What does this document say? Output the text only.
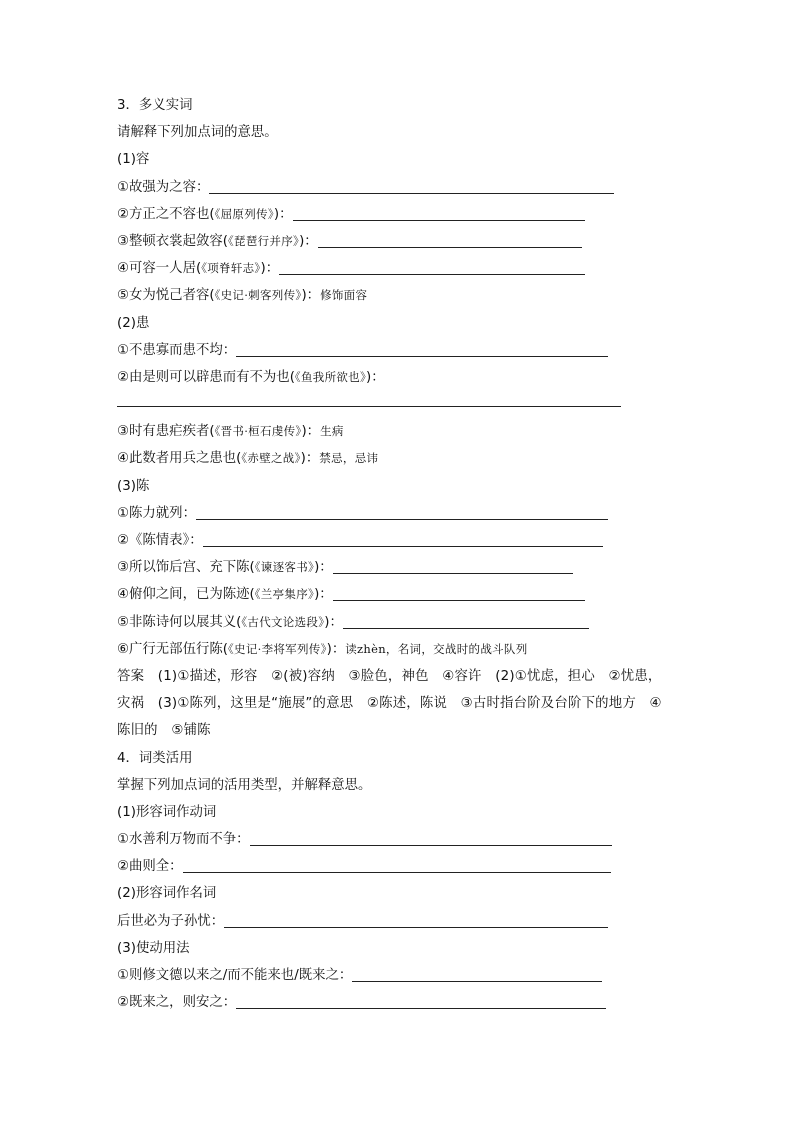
3．多义实词
请解释下列加点词的意思。
(1)容
①故强为之容：
②方正之不容也(《屈原列传》)：
③整顿衣裳起敛容(《琵琶行并序》)：
④可容一人居(《项脊轩志》)：
⑤女为悦己者容(《史记·刺客列传》)：修饰面容
(2)患
①不患寡而患不均：
②由是则可以辟患而有不为也(《鱼我所欲也》)：
③时有患疟疾者(《晋书·桓石虔传》)：生病
④此数者用兵之患也(《赤壁之战》)：禁忌，忌讳
(3)陈
①陈力就列：
②《陈情表》：
③所以饰后宫、充下陈(《谏逐客书》)：
④俯仰之间，已为陈迹(《兰亭集序》)：
⑤非陈诗何以展其义(《古代文论选段》)：
⑥广行无部伍行陈(《史记·李将军列传》)：读zhèn，名词，交战时的战斗队列
答案　(1)①描述，形容　②(被)容纳　③脸色，神色　④容许　(2)①忧虑，担心　②忧患，
灾祸　(3)①陈列，这里是“施展”的意思　②陈述，陈说　③古时指台阶及台阶下的地方　④
陈旧的　⑤铺陈
4．词类活用
掌握下列加点词的活用类型，并解释意思。
(1)形容词作动词
①水善利万物而不争：
②曲则全：
(2)形容词作名词
后世必为子孙忧：
(3)使动用法
①则修文德以来之/而不能来也/既来之：
②既来之，则安之：
